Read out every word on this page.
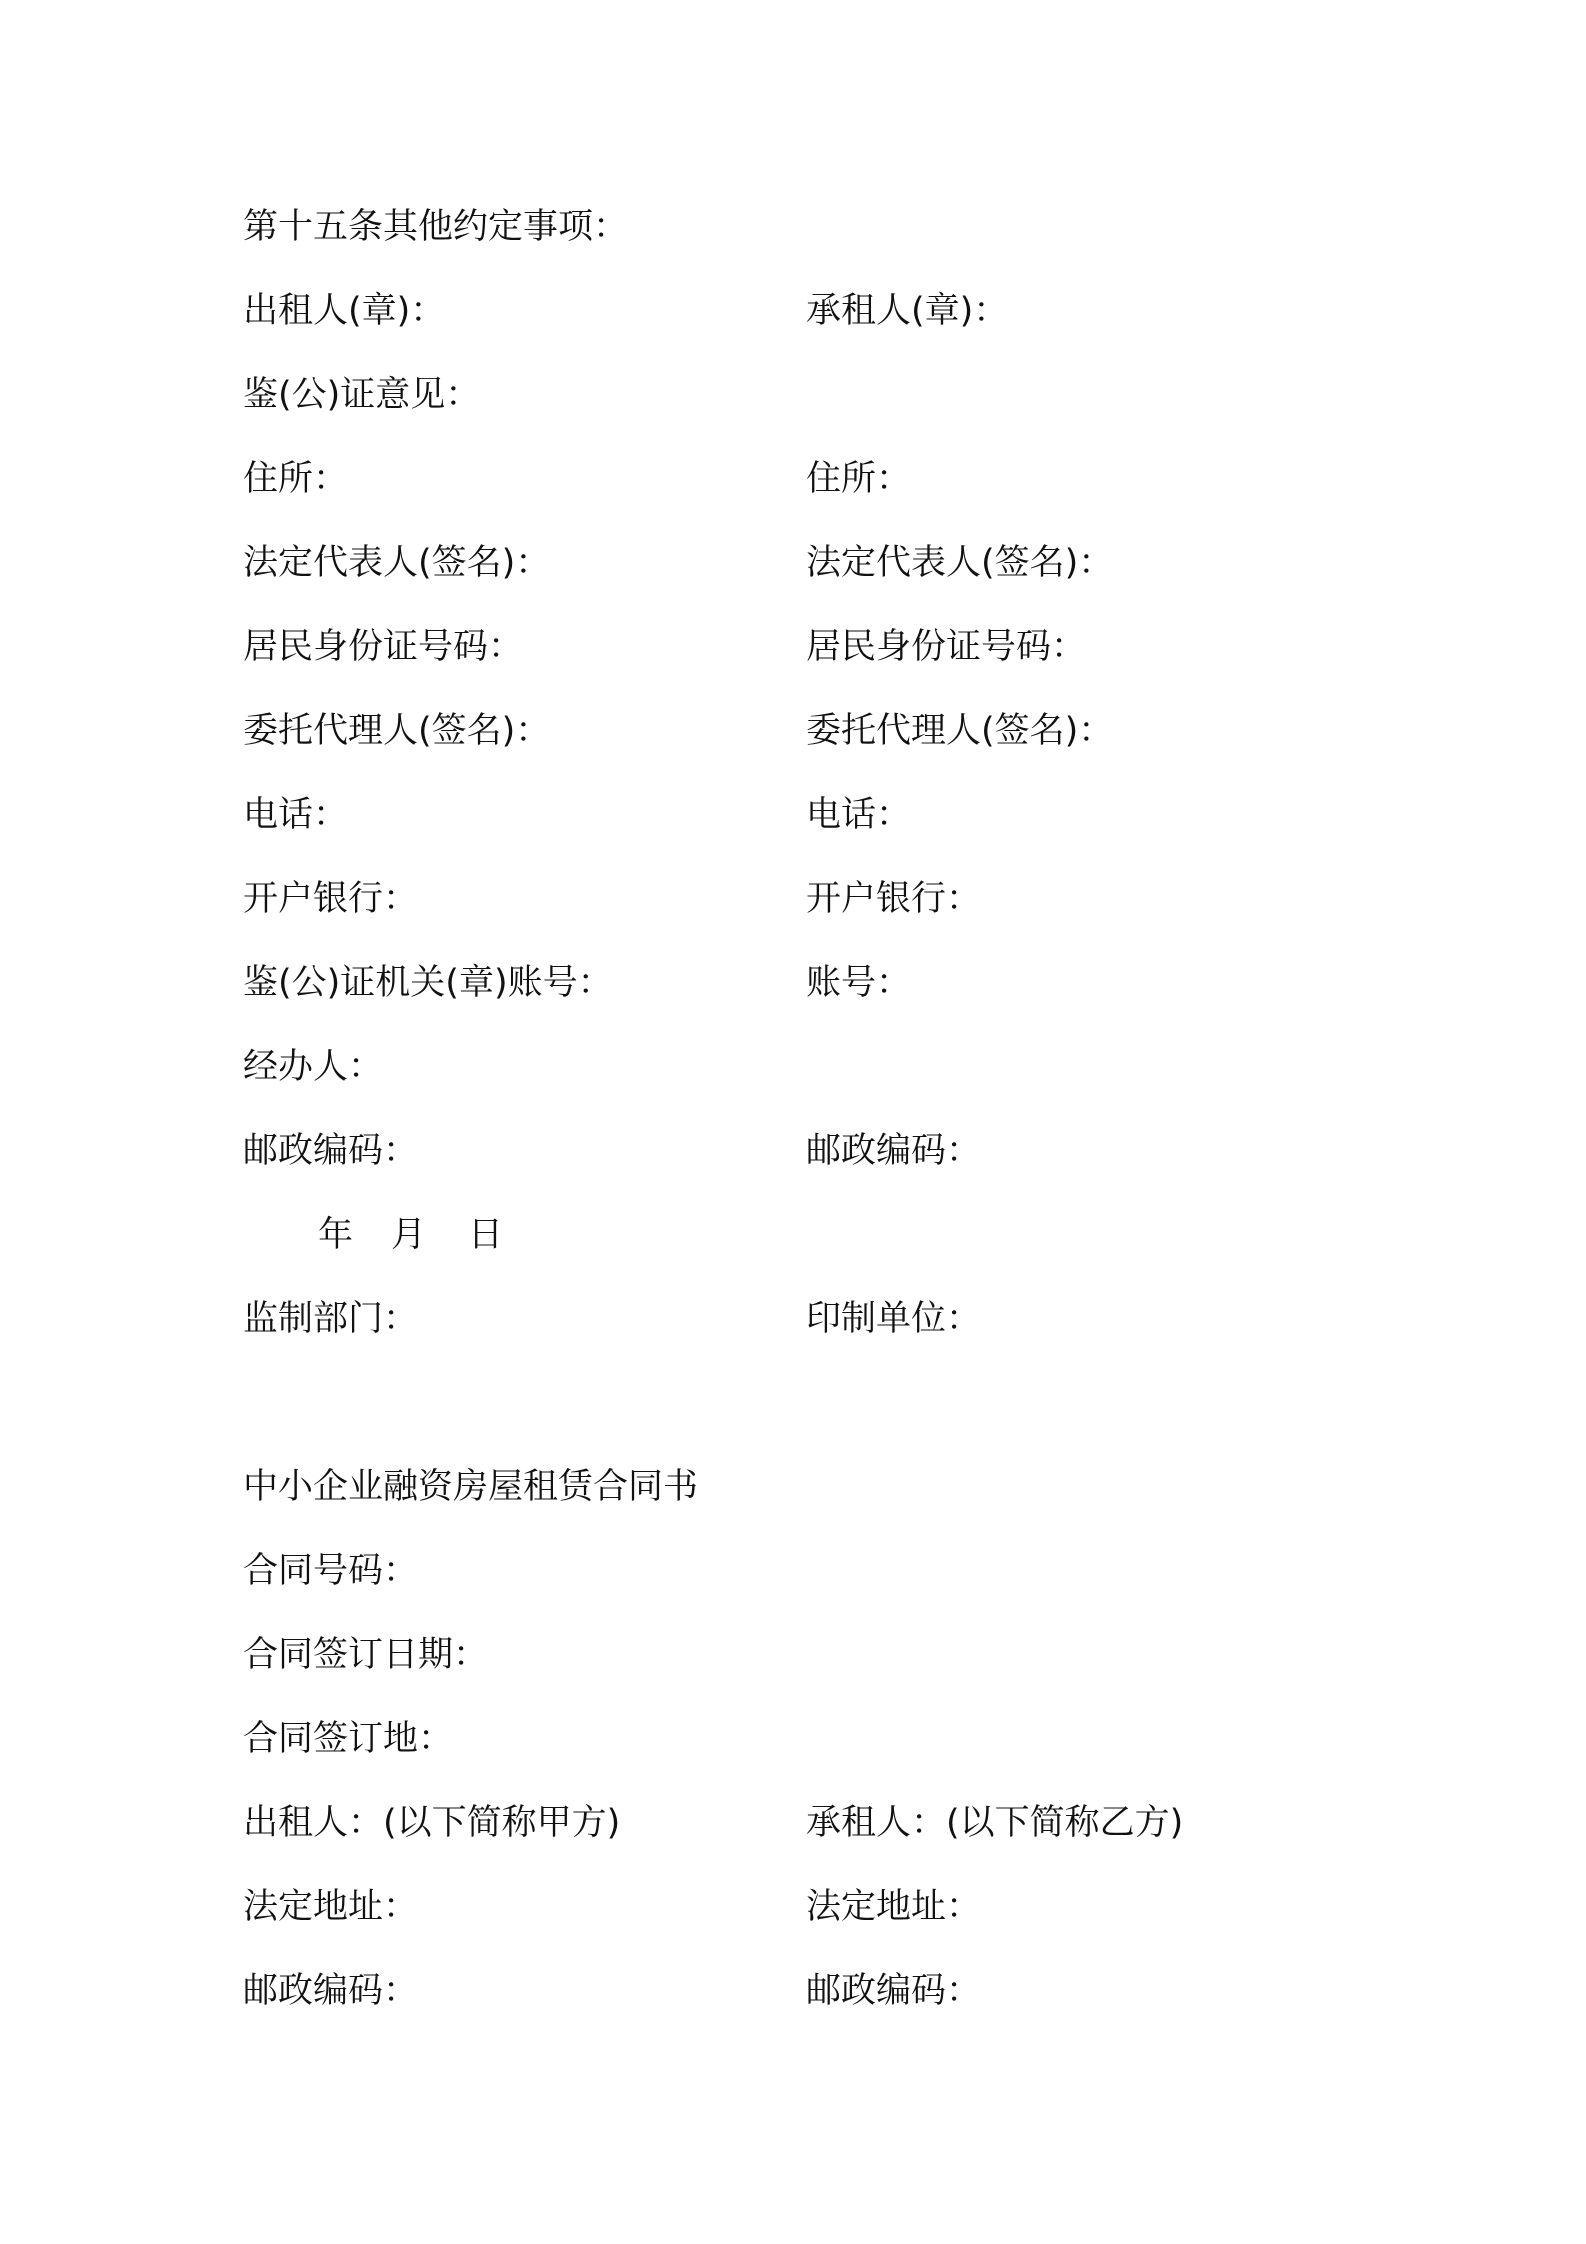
第十五条其他约定事项：
出租人(章)：	承租人(章)：
鉴(公)证意见：
住所：	住所：
法定代表人(签名)：	法定代表人(签名)：
居民身份证号码：	居民身份证号码：
委托代理人(签名)：	委托代理人(签名)：
电话：	电话：
开户银行：	开户银行：
鉴(公)证机关(章)账号：	账号：
经办人：
邮政编码：	邮政编码：
年 月 日
监制部门：	印制单位：
中小企业融资房屋租赁合同书
合同号码：
合同签订日期：
合同签订地：
出租人：(以下简称甲方)	承租人：(以下简称乙方)
法定地址：	法定地址：
邮政编码：	邮政编码：
